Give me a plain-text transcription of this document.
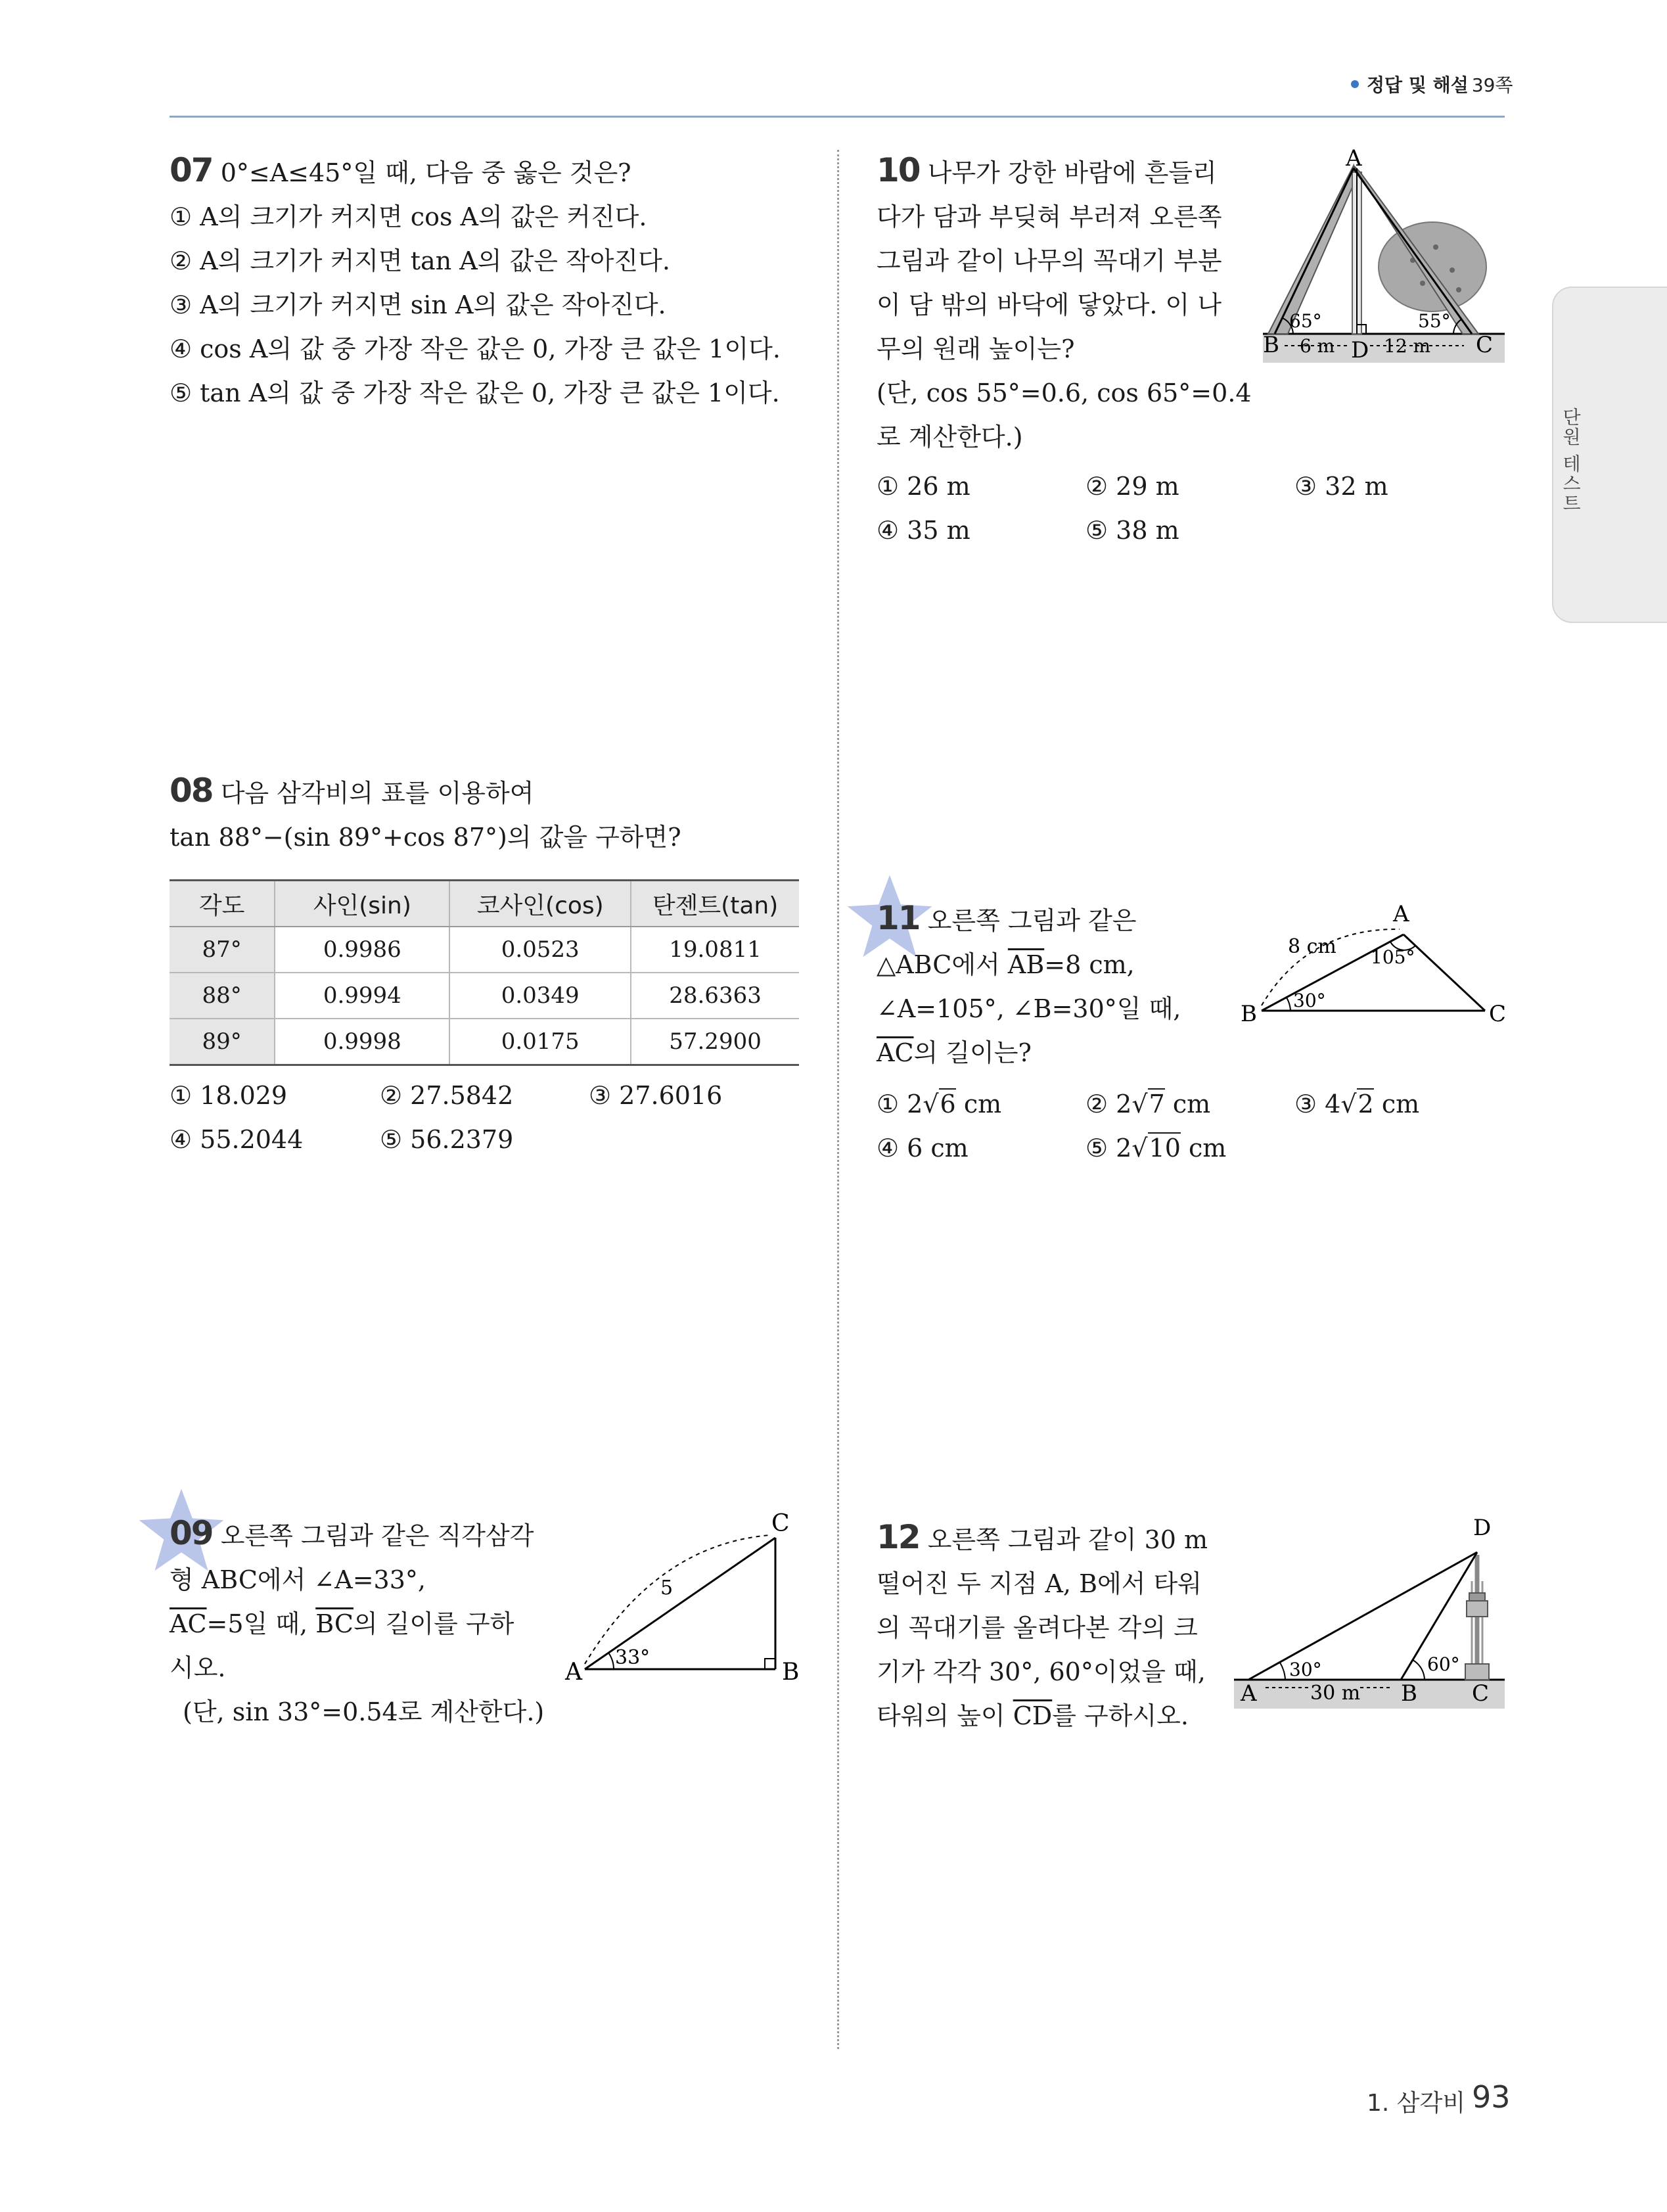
정답 및 해설 39쪽
단원 테스트
07 0°≤A≤45°일 때, 다음 중 옳은 것은?
① A의 크기가 커지면 cos A의 값은 커진다.
② A의 크기가 커지면 tan A의 값은 작아진다.
③ A의 크기가 커지면 sin A의 값은 작아진다.
④ cos A의 값 중 가장 작은 값은 0, 가장 큰 값은 1이다.
⑤ tan A의 값 중 가장 작은 값은 0, 가장 큰 값은 1이다.
08 다음 삼각비의 표를 이용하여
tan 88°−(sin 89°+cos 87°)의 값을 구하면?
각도	사인(sin)	코사인(cos)	탄젠트(tan)
87°	0.9986	0.0523	19.0811
88°	0.9994	0.0349	28.6363
89°	0.9998	0.0175	57.2900
① 18.029	② 27.5842	③ 27.6016
④ 55.2044	⑤ 56.2379
09 오른쪽 그림과 같은 직각삼각
형 ABC에서 ∠A=33°,
$\overline{AC}=5$일 때, $\overline{BC}$의 길이를 구하
시오.
(단, sin 33°=0.54로 계산한다.)
A	B
C
33°
5
10 나무가 강한 바람에 흔들리
다가 담과 부딪혀 부러져 오른쪽
그림과 같이 나무의 꼭대기 부분
이 담 밖의 바닥에 닿았다. 이 나
무의 원래 높이는?
(단, cos 55°=0.6, cos 65°=0.4
로 계산한다.)
A
B	D	C
65°	55°
6 m	12 m
① 26 m	② 29 m	③ 32 m
④ 35 m	⑤ 38 m
11 오른쪽 그림과 같은
△ABC에서 $\overline{AB}=8$ cm,
∠A=105°, ∠B=30°일 때,
$\overline{AC}$의 길이는?
A
B	C
105°
30°
8 cm
① 2√6 cm	② 2√7 cm	③ 4√2 cm
④ 6 cm	⑤ 2√10 cm
12 오른쪽 그림과 같이 30 m
떨어진 두 지점 A, B에서 타워
의 꼭대기를 올려다본 각의 크
기가 각각 30°, 60°이었을 때,
타워의 높이 $\overline{CD}$를 구하시오.
D
A	B C
30°	60°
30 m
1. 삼각비 93
